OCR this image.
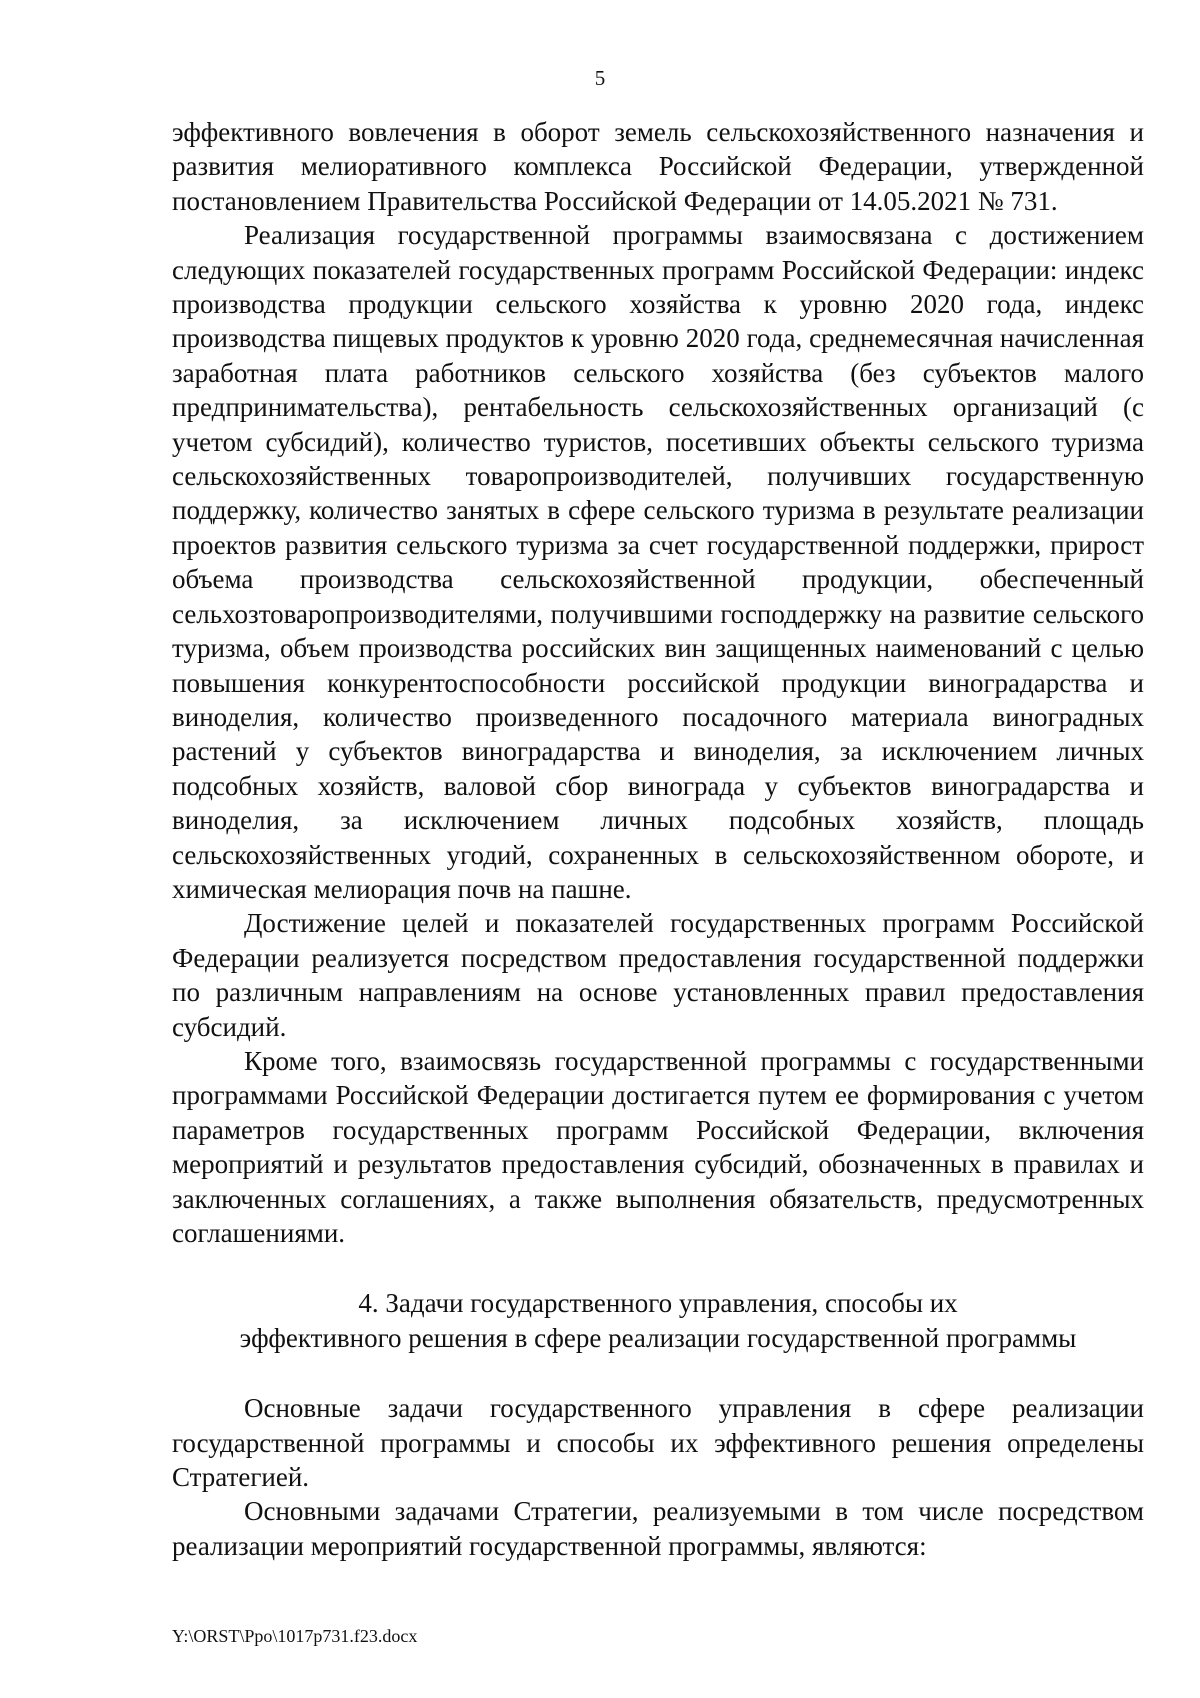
5

эффективного вовлечения в оборот земель сельскохозяйственного назначения и развития мелиоративного комплекса Российской Федерации, утвержденной постановлением Правительства Российской Федерации от 14.05.2021 № 731.

Реализация государственной программы взаимосвязана с достижением следующих показателей государственных программ Российской Федерации: индекс производства продукции сельского хозяйства к уровню 2020 года, индекс производства пищевых продуктов к уровню 2020 года, среднемесячная начисленная заработная плата работников сельского хозяйства (без субъектов малого предпринимательства), рентабельность сельскохозяйственных организаций (с учетом субсидий), количество туристов, посетивших объекты сельского туризма сельскохозяйственных товаропроизводителей, получивших государственную поддержку, количество занятых в сфере сельского туризма в результате реализации проектов развития сельского туризма за счет государственной поддержки, прирост объема производства сельскохозяйственной продукции, обеспеченный сельхозтоваропроизводителями, получившими господдержку на развитие сельского туризма, объем производства российских вин защищенных наименований с целью повышения конкурентоспособности российской продукции виноградарства и виноделия, количество произведенного посадочного материала виноградных растений у субъектов виноградарства и виноделия, за исключением личных подсобных хозяйств, валовой сбор винограда у субъектов виноградарства и виноделия, за исключением личных подсобных хозяйств, площадь сельскохозяйственных угодий, сохраненных в сельскохозяйственном обороте, и химическая мелиорация почв на пашне.

Достижение целей и показателей государственных программ Российской Федерации реализуется посредством предоставления государственной поддержки по различным направлениям на основе установленных правил предоставления субсидий.

Кроме того, взаимосвязь государственной программы с государственными программами Российской Федерации достигается путем ее формирования с учетом параметров государственных программ Российской Федерации, включения мероприятий и результатов предоставления субсидий, обозначенных в правилах и заключенных соглашениях, а также выполнения обязательств, предусмотренных соглашениями.

4. Задачи государственного управления, способы их
эффективного решения в сфере реализации государственной программы

Основные задачи государственного управления в сфере реализации государственной программы и способы их эффективного решения определены Стратегией.

Основными задачами Стратегии, реализуемыми в том числе посредством реализации мероприятий государственной программы, являются:

Y:\ORST\Ppo\1017p731.f23.docx
